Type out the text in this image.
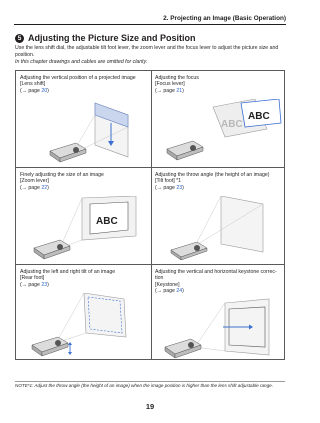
2. Projecting an Image (Basic Operation)
5 Adjusting the Picture Size and Position
Use the lens shift dial, the adjustable tilt foot lever, the zoom lever and the focus lever to adjust the picture size and position.
In this chapter drawings and cables are omitted for clarity.
Adjusting the vertical position of a projected image
[Lens shift]
(→ page 20)
Adjusting the focus
[Focus lever]
(→ page 21)
ABC
ABC
Finely adjusting the size of an image
[Zoom lever]
(→ page 22)
ABC
Adjusting the throw angle (the height of an image)
[Tilt foot] *1
(→ page 23)
Adjusting the left and right tilt of an image
[Rear foot]
(→ page 23)
Adjusting the vertical and horizontal keystone correc-
tion
[Keystone]
(→ page 24)
NOTE*1: Adjust the throw angle (the height of an image) when the image position is higher than the lens shift adjustable range.
19
